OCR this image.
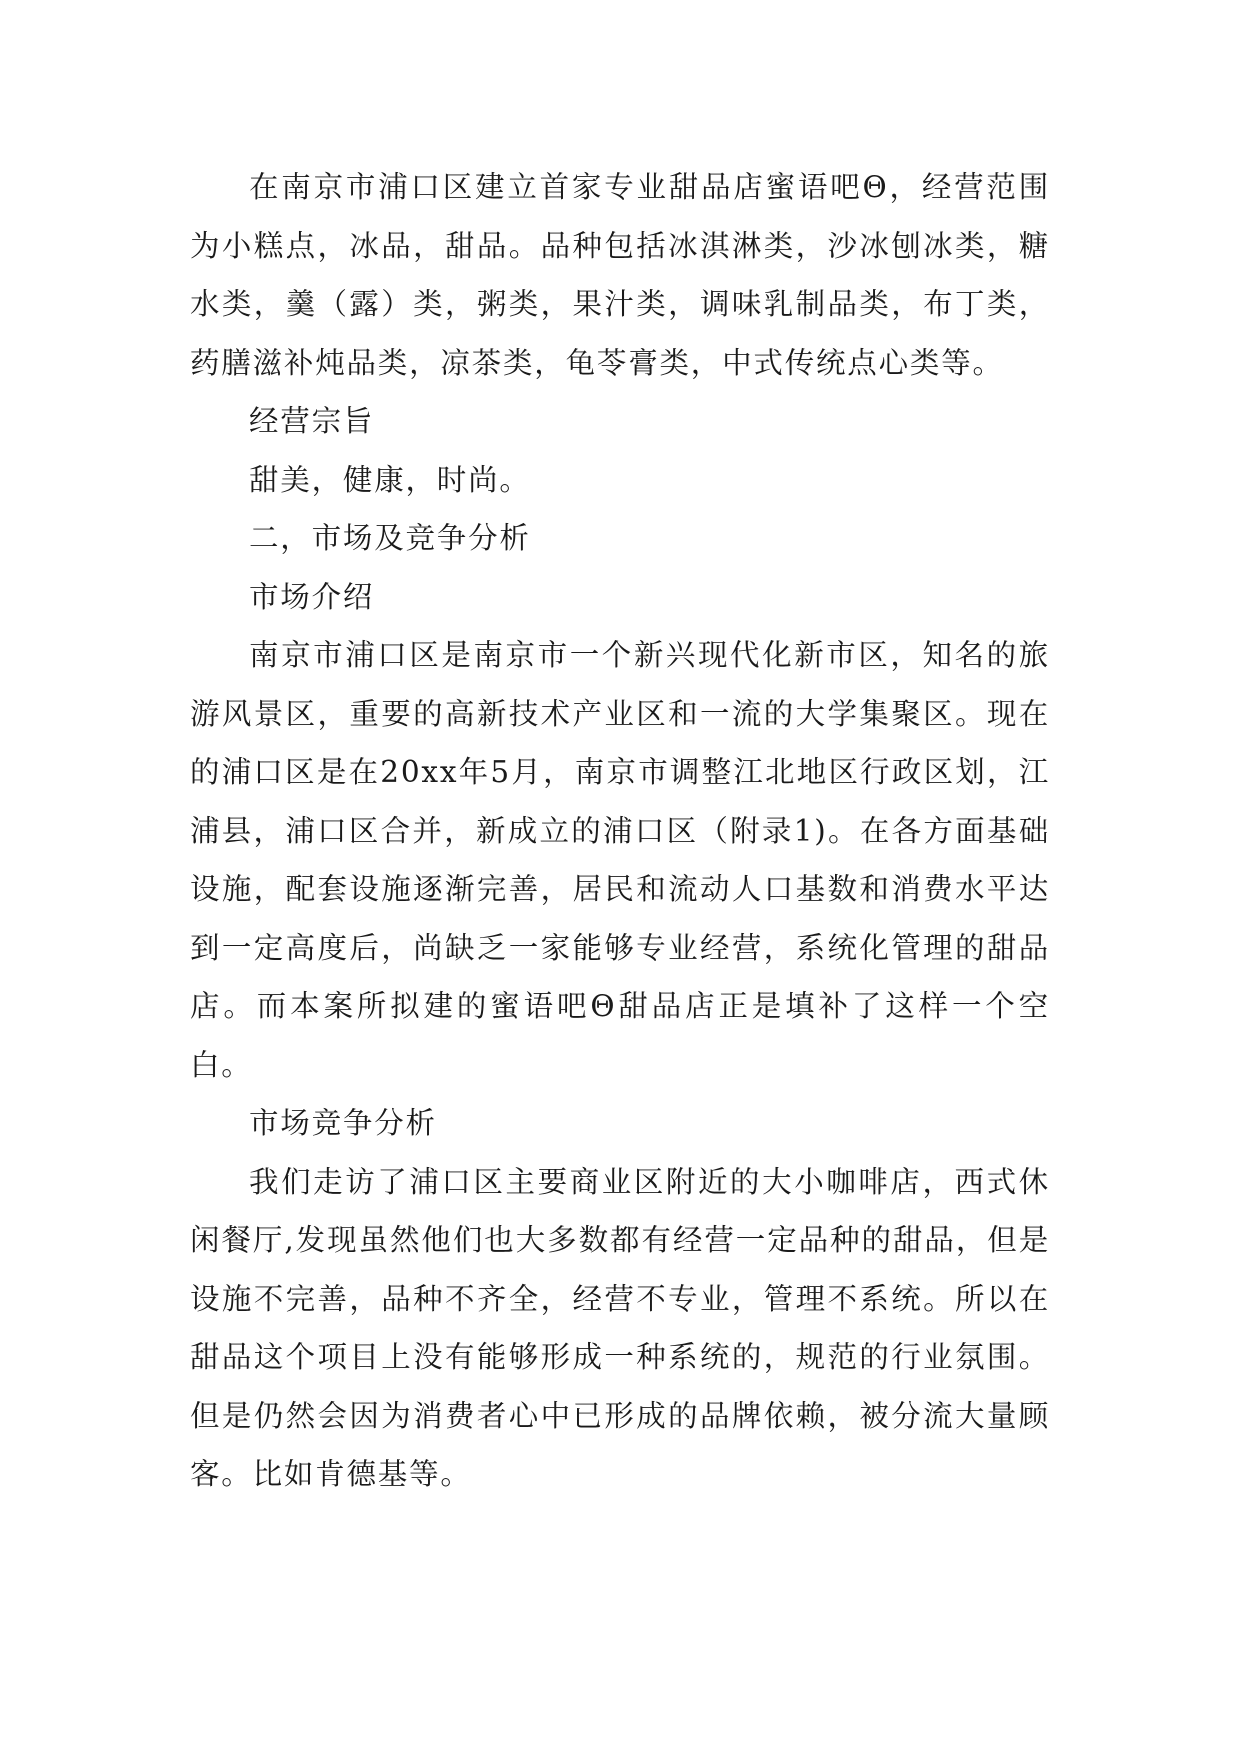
在南京市浦口区建立首家专业甜品店蜜语吧Θ，经营范围为小糕点，冰品，甜品。品种包括冰淇淋类，沙冰刨冰类，糖水类，羹（露）类，粥类，果汁类，调味乳制品类，布丁类，药膳滋补炖品类，凉茶类，龟苓膏类，中式传统点心类等。

经营宗旨

甜美，健康，时尚。

二，市场及竞争分析

市场介绍

南京市浦口区是南京市一个新兴现代化新市区，知名的旅游风景区，重要的高新技术产业区和一流的大学集聚区。现在的浦口区是在20xx年5月，南京市调整江北地区行政区划，江浦县，浦口区合并，新成立的浦口区（附录1)。在各方面基础设施，配套设施逐渐完善，居民和流动人口基数和消费水平达到一定高度后，尚缺乏一家能够专业经营，系统化管理的甜品店。而本案所拟建的蜜语吧Θ甜品店正是填补了这样一个空白。

市场竞争分析

我们走访了浦口区主要商业区附近的大小咖啡店，西式休闲餐厅,发现虽然他们也大多数都有经营一定品种的甜品，但是设施不完善，品种不齐全，经营不专业，管理不系统。所以在甜品这个项目上没有能够形成一种系统的，规范的行业氛围。但是仍然会因为消费者心中已形成的品牌依赖，被分流大量顾客。比如肯德基等。
